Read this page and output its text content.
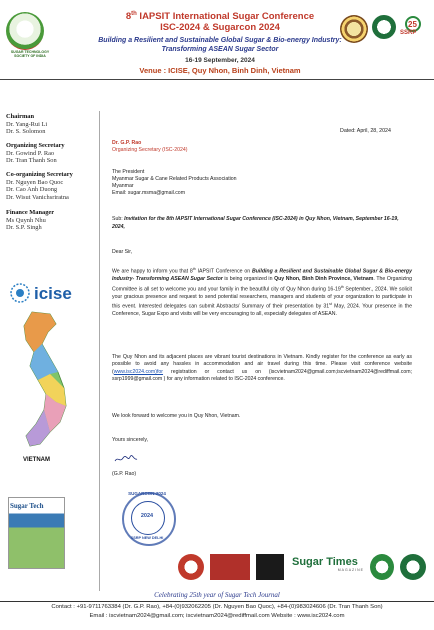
SUGAR TECHNOLOGY SOCIETY OF INDIA
8th IAPSIT International Sugar Conference
ISC-2024 & Sugarcon 2024
Building a Resilient and Sustainable Global Sugar & Bio-energy Industry:
Transforming ASEAN Sugar Sector
16-19 September, 2024
Venue : ICISE, Quy Nhon, Binh Dinh, Vietnam
25
SSRP
Chairman
Dr. Yang-Rui Li
Dr. S. Solomon
Organizing Secretary
Dr. Gowind P. Rao
Dr. Tran Thanh Son
Co-organizing Secretary
Dr. Nguyen Bao Quoc
Dr. Cao Anh Duong
Dr. Wisut Vanichsriratna
Finance Manager
Ms Quynh Nhu
Dr. S.P. Singh
icise
VIETNAM
Sugar Tech
Dated: April, 28, 2024
Dr. G.P. Rao
Organizing Secretary (ISC-2024)
The President
Myanmar Sugar & Cane Related Products Association
Myanmar
Email: sugar.msma@gmail.com
Sub: Invitation for the 8th IAPSIT International Sugar Conference (ISC-2024) in Quy Nhon, Vietnam, September 16-19, 2024,
Dear Sir,
We are happy to inform you that 8th IAPSIT Conference on Building a Resilient and Sustainable Global Sugar & Bio-energy Industry- Transforming ASEAN Sugar Sector is being organized in Quy Nhon, Binh Dinh Province, Vietnam. The Organizing Committee is all set to welcome you and your family in the beautiful city of Quy Nhon during 16-19th September., 2024. We solicit your gracious presence and request to send potential researchers, managers and students of your organization to participate in this event. Interested delegates can submit Abstracts/ Summary of their presentation by 31st May, 2024. Your presence in the Conference, Sugar Expo and visits will be very encouraging to all, especially delegates of ASEAN.
The Quy Nhon and its adjacent places are vibrant tourist destinations in Vietnam. Kindly register for the conference as early as possible to avoid any hassles in accommodation and air travel during this time. Please visit conference website (www.isc2024.com)for registration or contact us on (iscvietnam2024@gmail.com;iscvietnam2024@rediffmail.com; ssrp1999@gmail.com ) for any information related to ISC-2024 conference.
We look forward to welcome you in Quy Nhon, Vietnam.
Yours sincerely,
(G.P. Rao)
SUGARCON-2024
2024
SSRP NEW DELHI
Sugar Times
MAGAZINE
Celebrating 25th year of Sugar Tech Journal
Contact : +91-9711763384 (Dr. G.P. Rao), +84-(0)932062205 (Dr. Nguyen Bao Quoc), +84-(0)983024606 (Dr. Tran Thanh Son)
Email : iscvietnam2024@gmail.com; iscvietnam2024@rediffmail.com Website : www.isc2024.com
